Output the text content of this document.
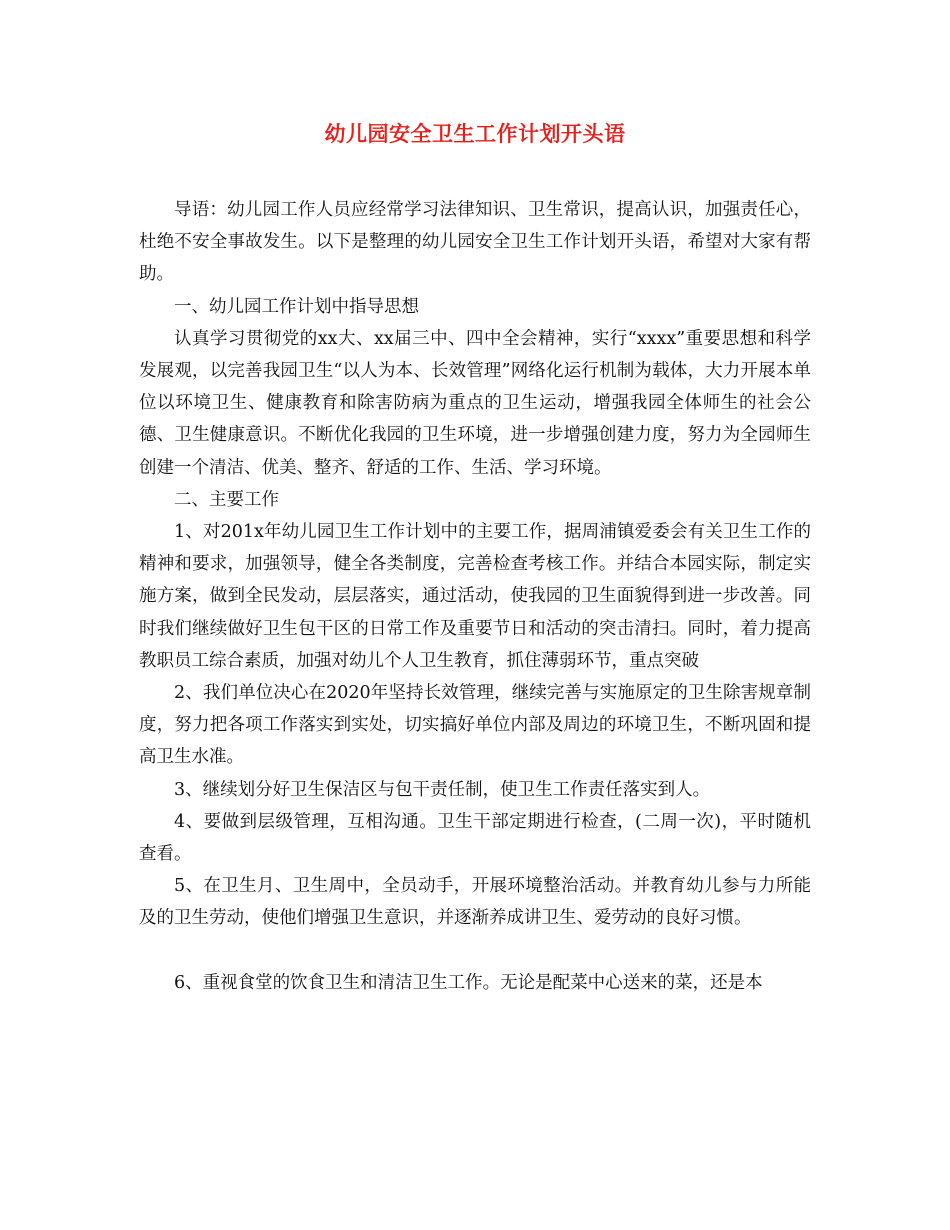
幼儿园安全卫生工作计划开头语

导语：幼儿园工作人员应经常学习法律知识、卫生常识，提高认识，加强责任心，杜绝不安全事故发生。以下是整理的幼儿园安全卫生工作计划开头语，希望对大家有帮助。

一、幼儿园工作计划中指导思想

认真学习贯彻党的xx大、xx届三中、四中全会精神，实行“xxxx”重要思想和科学发展观，以完善我园卫生“以人为本、长效管理”网络化运行机制为载体，大力开展本单位以环境卫生、健康教育和除害防病为重点的卫生运动，增强我园全体师生的社会公德、卫生健康意识。不断优化我园的卫生环境，进一步增强创建力度，努力为全园师生创建一个清洁、优美、整齐、舒适的工作、生活、学习环境。

二、主要工作

1、对201x年幼儿园卫生工作计划中的主要工作，据周浦镇爱委会有关卫生工作的精神和要求，加强领导，健全各类制度，完善检查考核工作。并结合本园实际，制定实施方案，做到全民发动，层层落实，通过活动，使我园的卫生面貌得到进一步改善。同时我们继续做好卫生包干区的日常工作及重要节日和活动的突击清扫。同时，着力提高教职员工综合素质，加强对幼儿个人卫生教育，抓住薄弱环节，重点突破

2、我们单位决心在2020年坚持长效管理，继续完善与实施原定的卫生除害规章制度，努力把各项工作落实到实处，切实搞好单位内部及周边的环境卫生，不断巩固和提高卫生水准。

3、继续划分好卫生保洁区与包干责任制，使卫生工作责任落实到人。

4、要做到层级管理，互相沟通。卫生干部定期进行检查，(二周一次)，平时随机查看。

5、在卫生月、卫生周中，全员动手，开展环境整治活动。并教育幼儿参与力所能及的卫生劳动，使他们增强卫生意识，并逐渐养成讲卫生、爱劳动的良好习惯。

6、重视食堂的饮食卫生和清洁卫生工作。无论是配菜中心送来的菜，还是本
